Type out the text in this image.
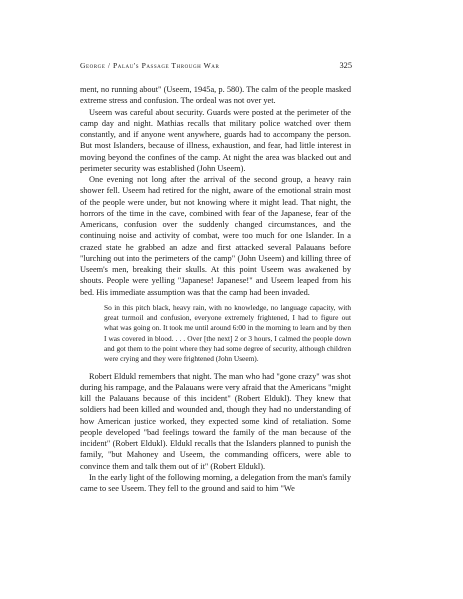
George / Palau's Passage Through War	325

ment, no running about" (Useem, 1945a, p. 580). The calm of the people masked extreme stress and confusion. The ordeal was not over yet.

Useem was careful about security. Guards were posted at the perimeter of the camp day and night. Mathias recalls that military police watched over them constantly, and if anyone went anywhere, guards had to accompany the person. But most Islanders, because of illness, exhaustion, and fear, had little interest in moving beyond the confines of the camp. At night the area was blacked out and perimeter security was established (John Useem).

One evening not long after the arrival of the second group, a heavy rain shower fell. Useem had retired for the night, aware of the emotional strain most of the people were under, but not knowing where it might lead. That night, the horrors of the time in the cave, combined with fear of the Japanese, fear of the Americans, confusion over the suddenly changed circumstances, and the continuing noise and activity of combat, were too much for one Islander. In a crazed state he grabbed an adze and first attacked several Palauans before "lurching out into the perimeters of the camp" (John Useem) and killing three of Useem's men, breaking their skulls. At this point Useem was awakened by shouts. People were yelling "Japanese! Japanese!" and Useem leaped from his bed. His immediate assumption was that the camp had been invaded.

So in this pitch black, heavy rain, with no knowledge, no language capacity, with great turmoil and confusion, everyone extremely frightened, I had to figure out what was going on. It took me until around 6:00 in the morning to learn and by then I was covered in blood. . . . Over [the next] 2 or 3 hours, I calmed the people down and got them to the point where they had some degree of security, although children were crying and they were frightened (John Useem).

Robert Eldukl remembers that night. The man who had "gone crazy" was shot during his rampage, and the Palauans were very afraid that the Americans "might kill the Palauans because of this incident" (Robert Eldukl). They knew that soldiers had been killed and wounded and, though they had no understanding of how American justice worked, they expected some kind of retaliation. Some people developed "bad feelings toward the family of the man because of the incident" (Robert Eldukl). Eldukl recalls that the Islanders planned to punish the family, "but Mahoney and Useem, the commanding officers, were able to convince them and talk them out of it" (Robert Eldukl).

In the early light of the following morning, a delegation from the man's family came to see Useem. They fell to the ground and said to him "We
